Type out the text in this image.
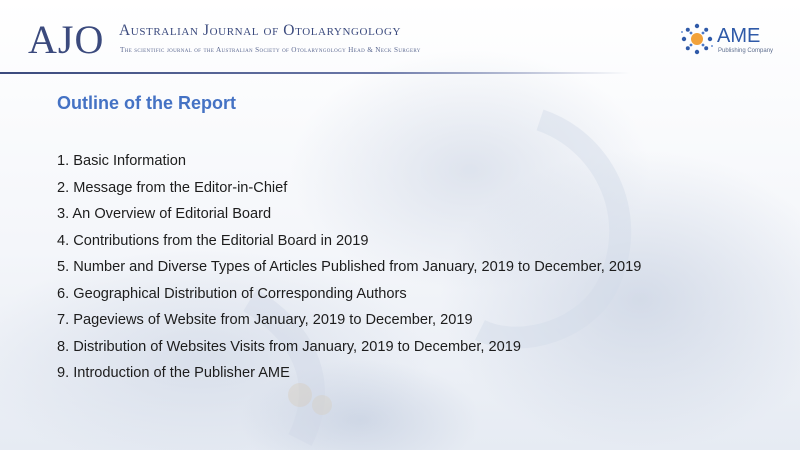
AJO Australian Journal of Otolaryngology
The scientific journal of the Australian Society of Otolaryngology Head & Neck Surgery
AME
Publishing Company
Outline of the Report
1. Basic Information
2. Message from the Editor-in-Chief
3. An Overview of Editorial Board
4. Contributions from the Editorial Board in 2019
5. Number and Diverse Types of Articles Published from January, 2019 to December, 2019
6. Geographical Distribution of Corresponding Authors
7. Pageviews of Website from January, 2019 to December, 2019
8. Distribution of Websites Visits from January, 2019 to December, 2019
9. Introduction of the Publisher AME
